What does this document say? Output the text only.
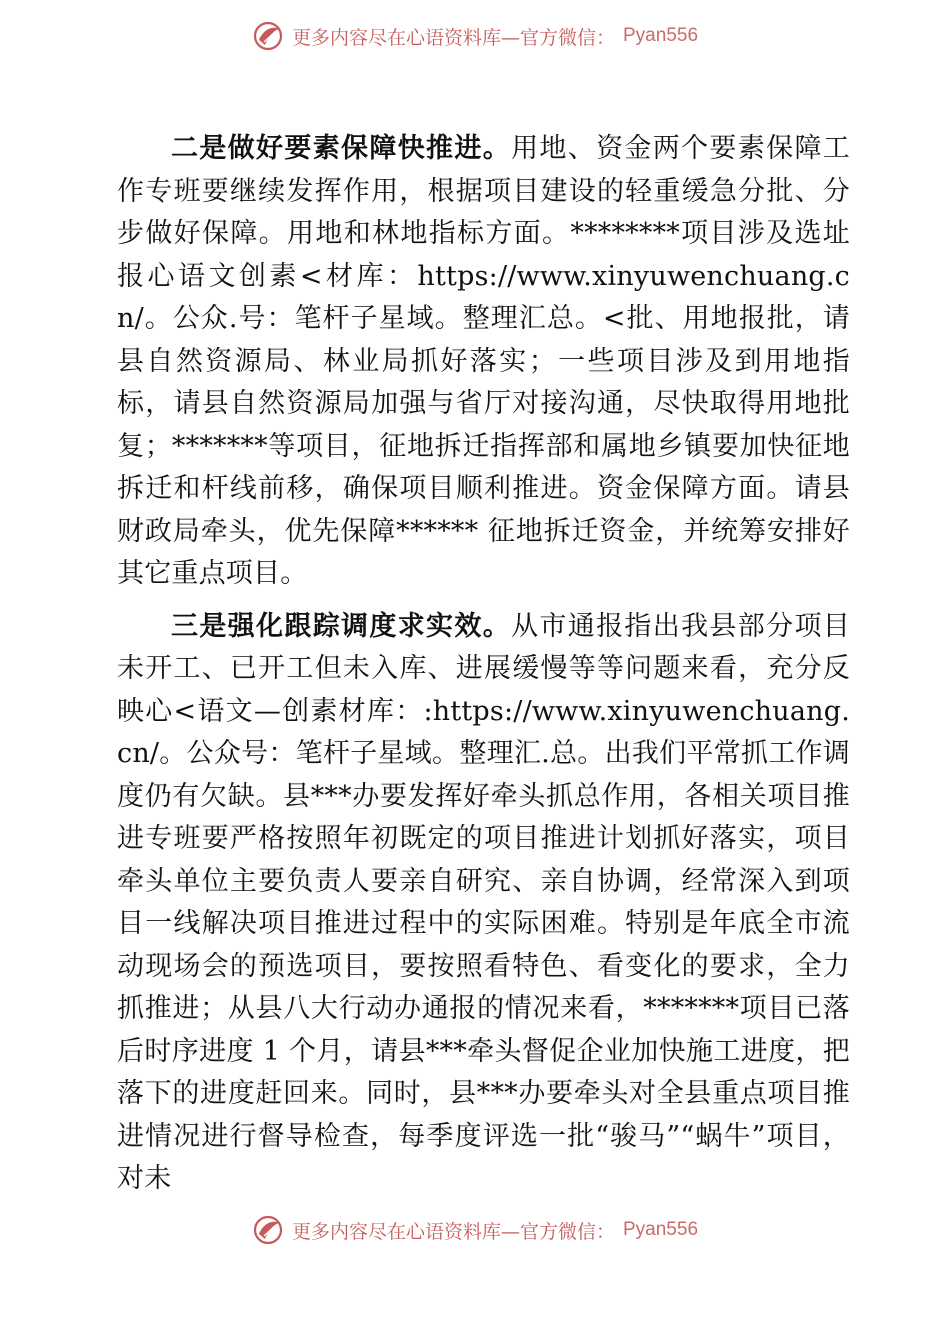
更多内容尽在心语资料库—官方微信： Pyan556

二是做好要素保障快推进。用地、资金两个要素保障工作专班要继续发挥作用，根据项目建设的轻重缓急分批、分步做好保障。用地和林地指标方面。********项目涉及选址报心语文创素<材库：https://www.xinyuwenchuang.cn/。公众.号：笔杆子星域。整理汇总。<批、用地报批，请县自然资源局、林业局抓好落实；一些项目涉及到用地指标，请县自然资源局加强与省厅对接沟通，尽快取得用地批复；*******等项目，征地拆迁指挥部和属地乡镇要加快征地拆迁和杆线前移，确保项目顺利推进。资金保障方面。请县财政局牵头，优先保障****** 征地拆迁资金，并统筹安排好其它重点项目。

三是强化跟踪调度求实效。从市通报指出我县部分项目未开工、已开工但未入库、进展缓慢等等问题来看，充分反映心<语文—创素材库：:https://www.xinyuwenchuang.cn/。公众号：笔杆子星域。整理汇.总。出我们平常抓工作调度仍有欠缺。县***办要发挥好牵头抓总作用，各相关项目推进专班要严格按照年初既定的项目推进计划抓好落实，项目牵头单位主要负责人要亲自研究、亲自协调，经常深入到项目一线解决项目推进过程中的实际困难。特别是年底全市流动现场会的预选项目，要按照看特色、看变化的要求，全力抓推进；从县八大行动办通报的情况来看，*******项目已落后时序进度 1 个月，请县***牵头督促企业加快施工进度，把落下的进度赶回来。同时，县***办要牵头对全县重点项目推进情况进行督导检查，每季度评选一批“骏马”“蜗牛”项目，对未

更多内容尽在心语资料库—官方微信： Pyan556
